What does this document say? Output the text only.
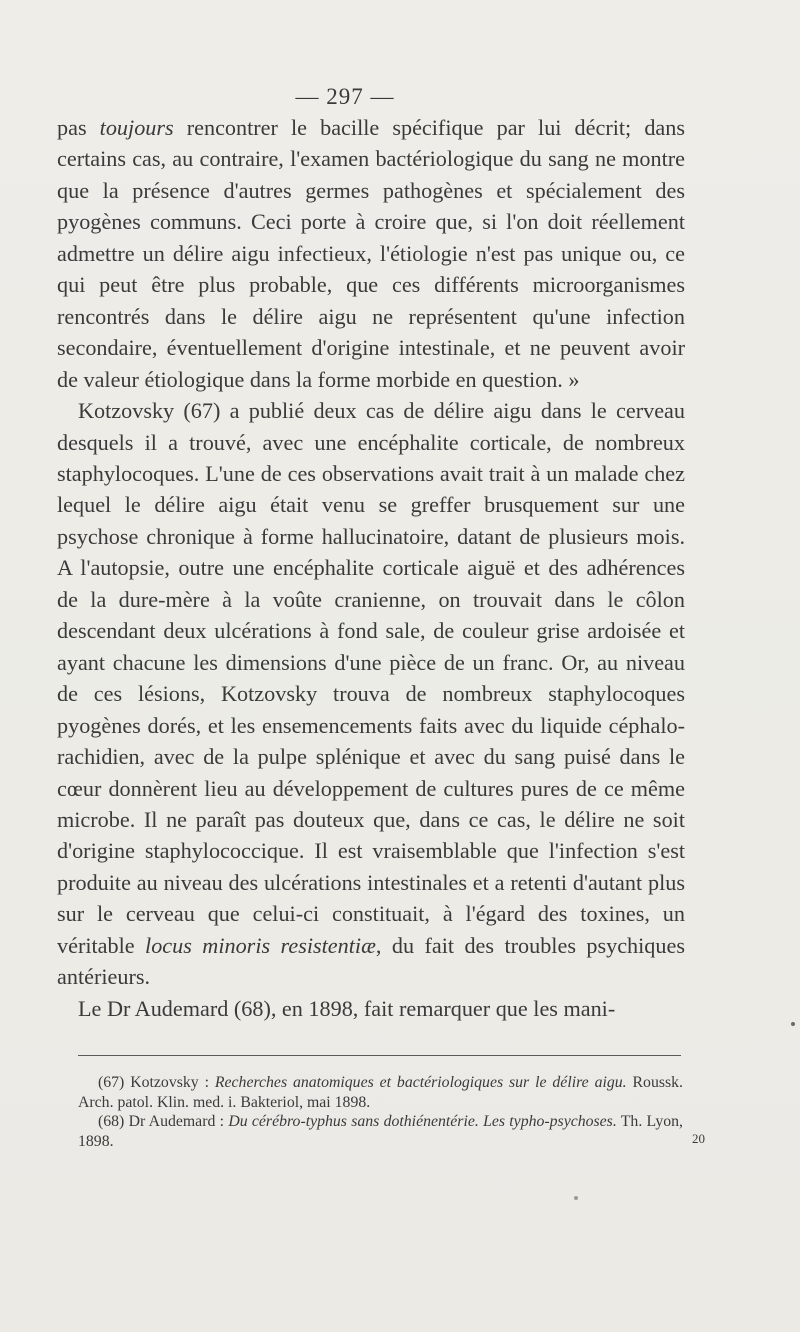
— 297 —

pas toujours rencontrer le bacille spécifique par lui décrit; dans certains cas, au contraire, l'examen bactériologique du sang ne montre que la présence d'autres germes pathogènes et spécialement des pyogènes communs. Ceci porte à croire que, si l'on doit réellement admettre un délire aigu infectieux, l'étiologie n'est pas unique ou, ce qui peut être plus probable, que ces différents microorganismes rencontrés dans le délire aigu ne représentent qu'une infection secondaire, éventuellement d'origine intestinale, et ne peuvent avoir de valeur étiologique dans la forme morbide en question. »

Kotzovsky (67) a publié deux cas de délire aigu dans le cerveau desquels il a trouvé, avec une encéphalite corticale, de nombreux staphylocoques. L'une de ces observations avait trait à un malade chez lequel le délire aigu était venu se greffer brusquement sur une psychose chronique à forme hallucinatoire, datant de plusieurs mois. A l'autopsie, outre une encéphalite corticale aiguë et des adhérences de la dure-mère à la voûte cranienne, on trouvait dans le côlon descendant deux ulcérations à fond sale, de couleur grise ardoisée et ayant chacune les dimensions d'une pièce de un franc. Or, au niveau de ces lésions, Kotzovsky trouva de nombreux staphylocoques pyogènes dorés, et les ensemencements faits avec du liquide céphalo-rachidien, avec de la pulpe splénique et avec du sang puisé dans le cœur donnèrent lieu au développement de cultures pures de ce même microbe. Il ne paraît pas douteux que, dans ce cas, le délire ne soit d'origine staphylococcique. Il est vraisemblable que l'infection s'est produite au niveau des ulcérations intestinales et a retenti d'autant plus sur le cerveau que celui-ci constituait, à l'égard des toxines, un véritable locus minoris resistentiæ, du fait des troubles psychiques antérieurs.

Le Dr Audemard (68), en 1898, fait remarquer que les mani-

(67) Kotzovsky : Recherches anatomiques et bactériologiques sur le délire aigu. Roussk. Arch. patol. Klin. med. i. Bakteriol, mai 1898.

(68) Dr Audemard : Du cérébro-typhus sans dothiénentérie. Les typho-psychoses. Th. Lyon, 1898.	20
